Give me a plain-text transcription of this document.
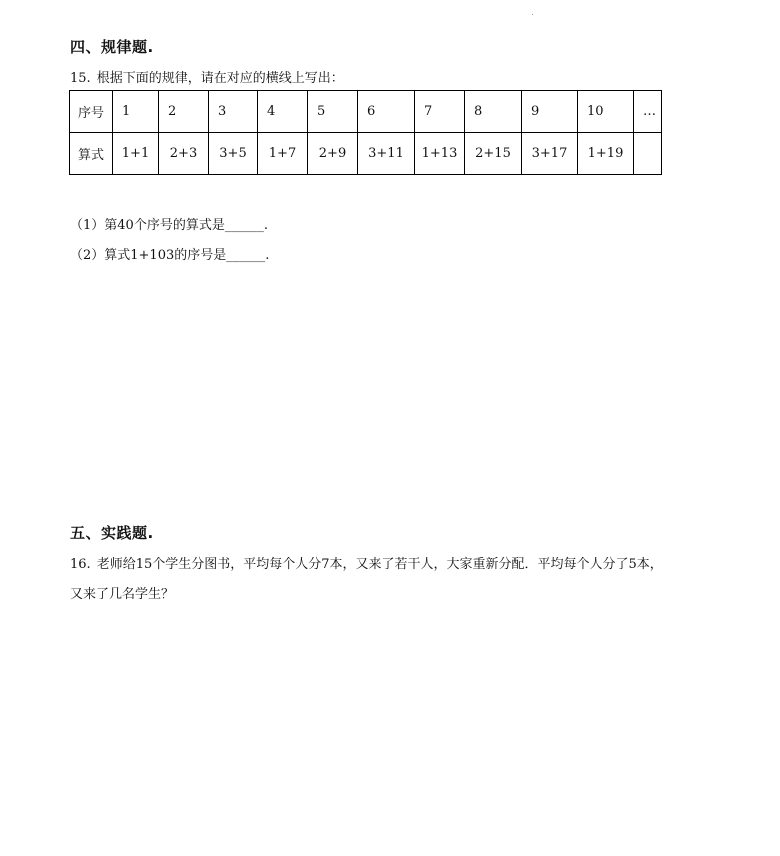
四、规律题.
15. 根据下面的规律，请在对应的横线上写出：
序号	1	2	3	4	5	6	7	8	9	10	…
算式	1+1	2+3	3+5	1+7	2+9	3+11	1+13	2+15	3+17	1+19	
（1）第40个序号的算式是______.
（2）算式1+103的序号是______.
五、实践题.
16. 老师给15个学生分图书，平均每个人分7本，又来了若干人，大家重新分配．平均每个人分了5本，
又来了几名学生？
